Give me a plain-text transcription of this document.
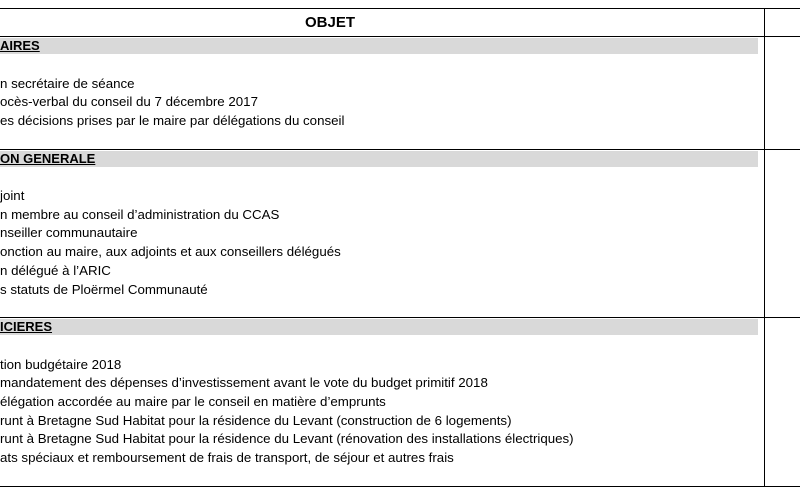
OBJET
AIRES
n secrétaire de séance
ocès-verbal du conseil du 7 décembre 2017
es décisions prises par le maire par délégations du conseil
ON GENERALE
joint
n membre au conseil d’administration du CCAS
nseiller communautaire
onction au maire, aux adjoints et aux conseillers délégués
n délégué à l’ARIC
s statuts de Ploërmel Communauté
ICIERES
tion budgétaire 2018
mandatement des dépenses d’investissement avant le vote du budget primitif 2018
élégation accordée au maire par le conseil en matière d’emprunts
runt à Bretagne Sud Habitat pour la résidence du Levant (construction de 6 logements)
runt à Bretagne Sud Habitat pour la résidence du Levant (rénovation des installations électriques)
ats spéciaux et remboursement de frais de transport, de séjour et autres frais
